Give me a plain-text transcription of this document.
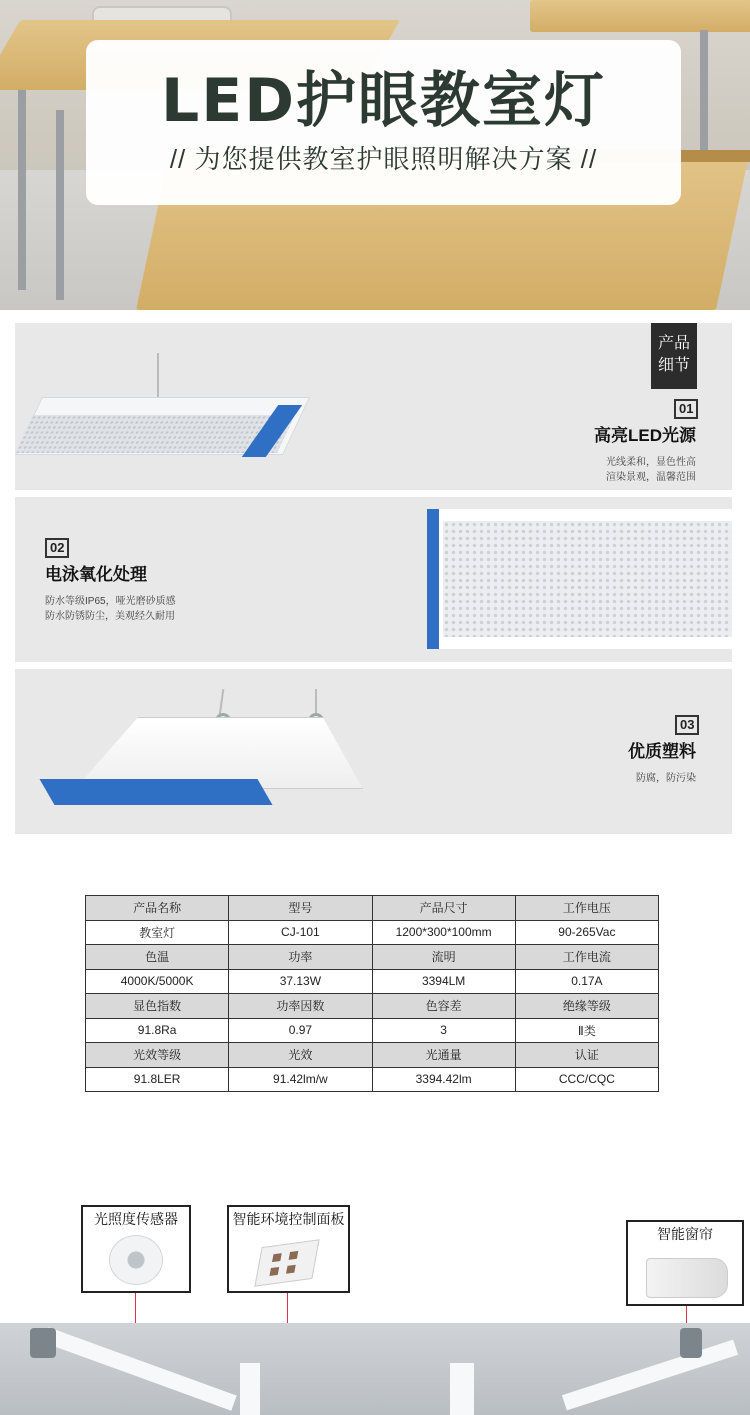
LED护眼教室灯
// 为您提供教室护眼照明解决方案 //
产品
细节
01
高亮LED光源
光线柔和，显色性高
渲染景观，温馨范围
02
电泳氧化处理
防水等级IP65，哑光磨砂质感
防水防锈防尘，美观经久耐用
03
优质塑料
防腐，防污染
产品名称	型号	产品尺寸	工作电压
教室灯	CJ-101	1200*300*100mm	90-265Vac
色温	功率	流明	工作电流
4000K/5000K	37.13W	3394LM	0.17A
显色指数	功率因数	色容差	绝缘等级
91.8Ra	0.97	3	Ⅱ类
光效等级	光效	光通量	认证
91.8LER	91.42lm/w	3394.42lm	CCC/CQC
光照度传感器	智能环境控制面板
智能窗帘
